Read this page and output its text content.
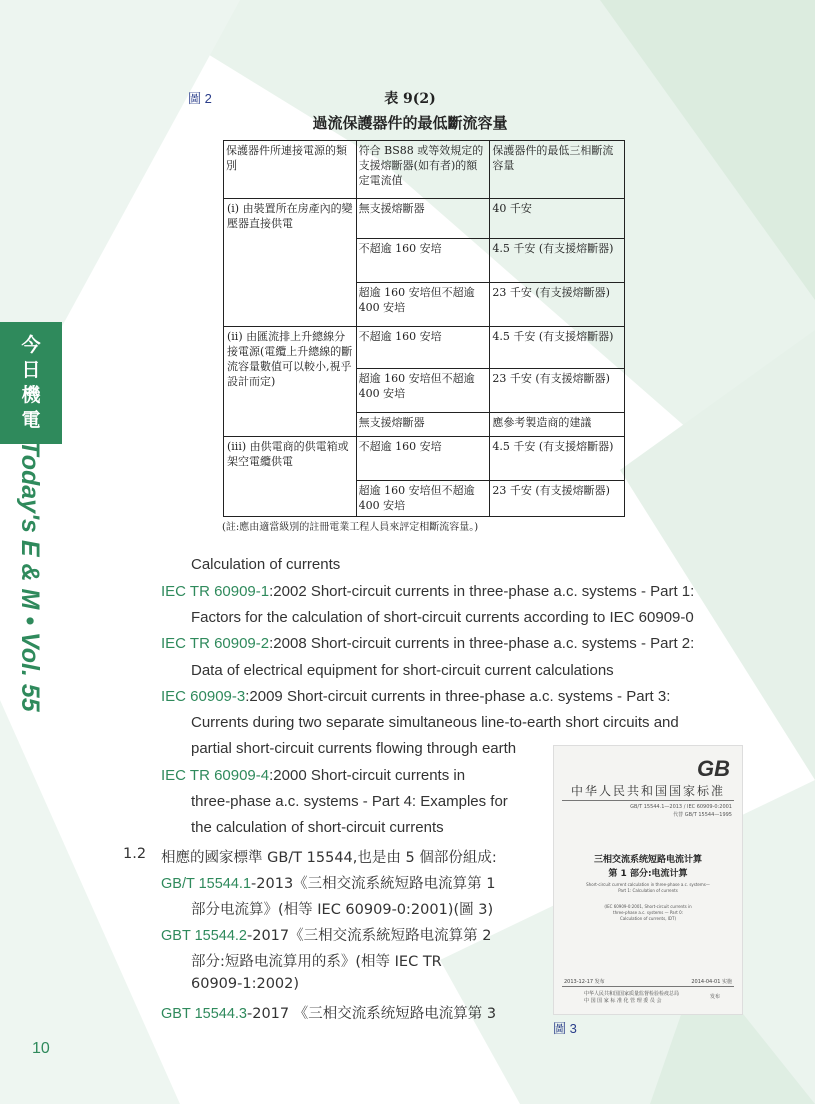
今
日
機
電
Today's E & M • Vol. 55
圖 2	表 9(2)
過流保護器件的最低斷流容量
保護器件所連接電源的類別	符合 BS88 或等效規定的支援熔斷器(如有者)的額定電流值	保護器件的最低三相斷流容量
(i) 由裝置所在房產內的變壓器直接供電	無支援熔斷器	40 千安
	不超逾 160 安培	4.5 千安 (有支援熔斷器)
	超逾 160 安培但不超逾 400 安培	23 千安 (有支援熔斷器)
(ii) 由匯流排上升總線分接電源(電纜上升總線的斷流容量數值可以較小,視乎設計而定)	不超逾 160 安培	4.5 千安 (有支援熔斷器)
	超逾 160 安培但不超逾 400 安培	23 千安 (有支援熔斷器)
	無支援熔斷器	應參考製造商的建議
(iii) 由供電商的供電箱或架空電纜供電	不超逾 160 安培	4.5 千安 (有支援熔斷器)
	超逾 160 安培但不超逾 400 安培	23 千安 (有支援熔斷器)
(註:應由適當級別的註冊電業工程人員來評定相斷流容量。)
Calculation of currents
IEC TR 60909-1:2002 Short-circuit currents in three-phase a.c. systems - Part 1:
Factors for the calculation of short-circuit currents according to IEC 60909-0
IEC TR 60909-2:2008 Short-circuit currents in three-phase a.c. systems - Part 2:
Data of electrical equipment for short-circuit current calculations
IEC 60909-3:2009 Short-circuit currents in three-phase a.c. systems - Part 3:
Currents during two separate simultaneous line-to-earth short circuits and
partial short-circuit currents flowing through earth
IEC TR 60909-4:2000 Short-circuit currents in
three-phase a.c. systems - Part 4: Examples for
the calculation of short-circuit currents
1.2 相應的國家標準 GB/T 15544,也是由 5 個部份組成:
GB/T 15544.1-2013《三相交流系統短路电流算第 1
部分电流算》(相等 IEC 60909-0:2001)(圖 3)
GBT 15544.2-2017《三相交流系統短路电流算第 2
部分:短路电流算用的系》(相等 IEC TR
60909-1:2002)
GBT 15544.3-2017 《三相交流系统短路电流算第 3
GB
中华人民共和国国家标准
GB/T 15544.1—2013 / IEC 60909-0:2001
代替 GB/T 15544—1995
三相交流系统短路电流计算
第 1 部分:电流计算
Short-circuit current calculation in three-phase a.c. systems—
Part 1: Calculation of currents
(IEC 60909-0:2001, Short-circuit currents in
three-phase a.c. systems — Part 0:
Calculation of currents, IDT)
2013-12-17 发布	2014-04-01 实施
中华人民共和国国家质量监督检验检疫总局
中 国 国 家 标 准 化 管 理 委 员 会
发布
圖 3
10
